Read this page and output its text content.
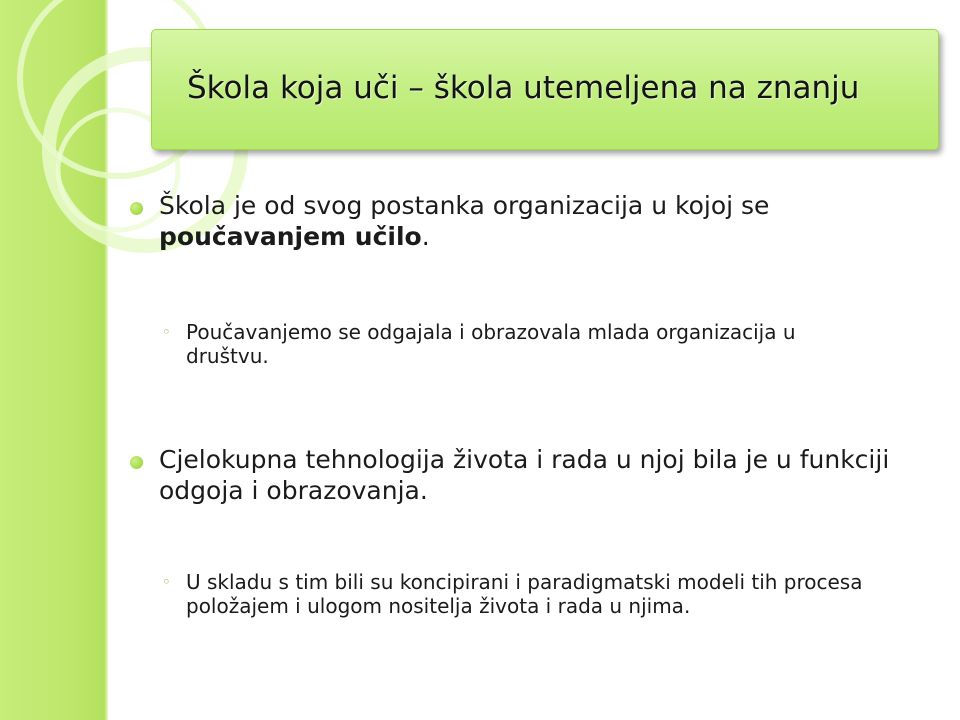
Škola koja uči – škola utemeljena na znanju

Škola je od svog postanka organizacija u kojoj se poučavanjem učilo.

◦ Poučavanjemo se odgajala i obrazovala mlada organizacija u društvu.

Cjelokupna tehnologija života i rada u njoj bila je u funkciji odgoja i obrazovanja.

◦ U skladu s tim bili su koncipirani i paradigmatski modeli tih procesa položajem i ulogom nositelja života i rada u njima.
